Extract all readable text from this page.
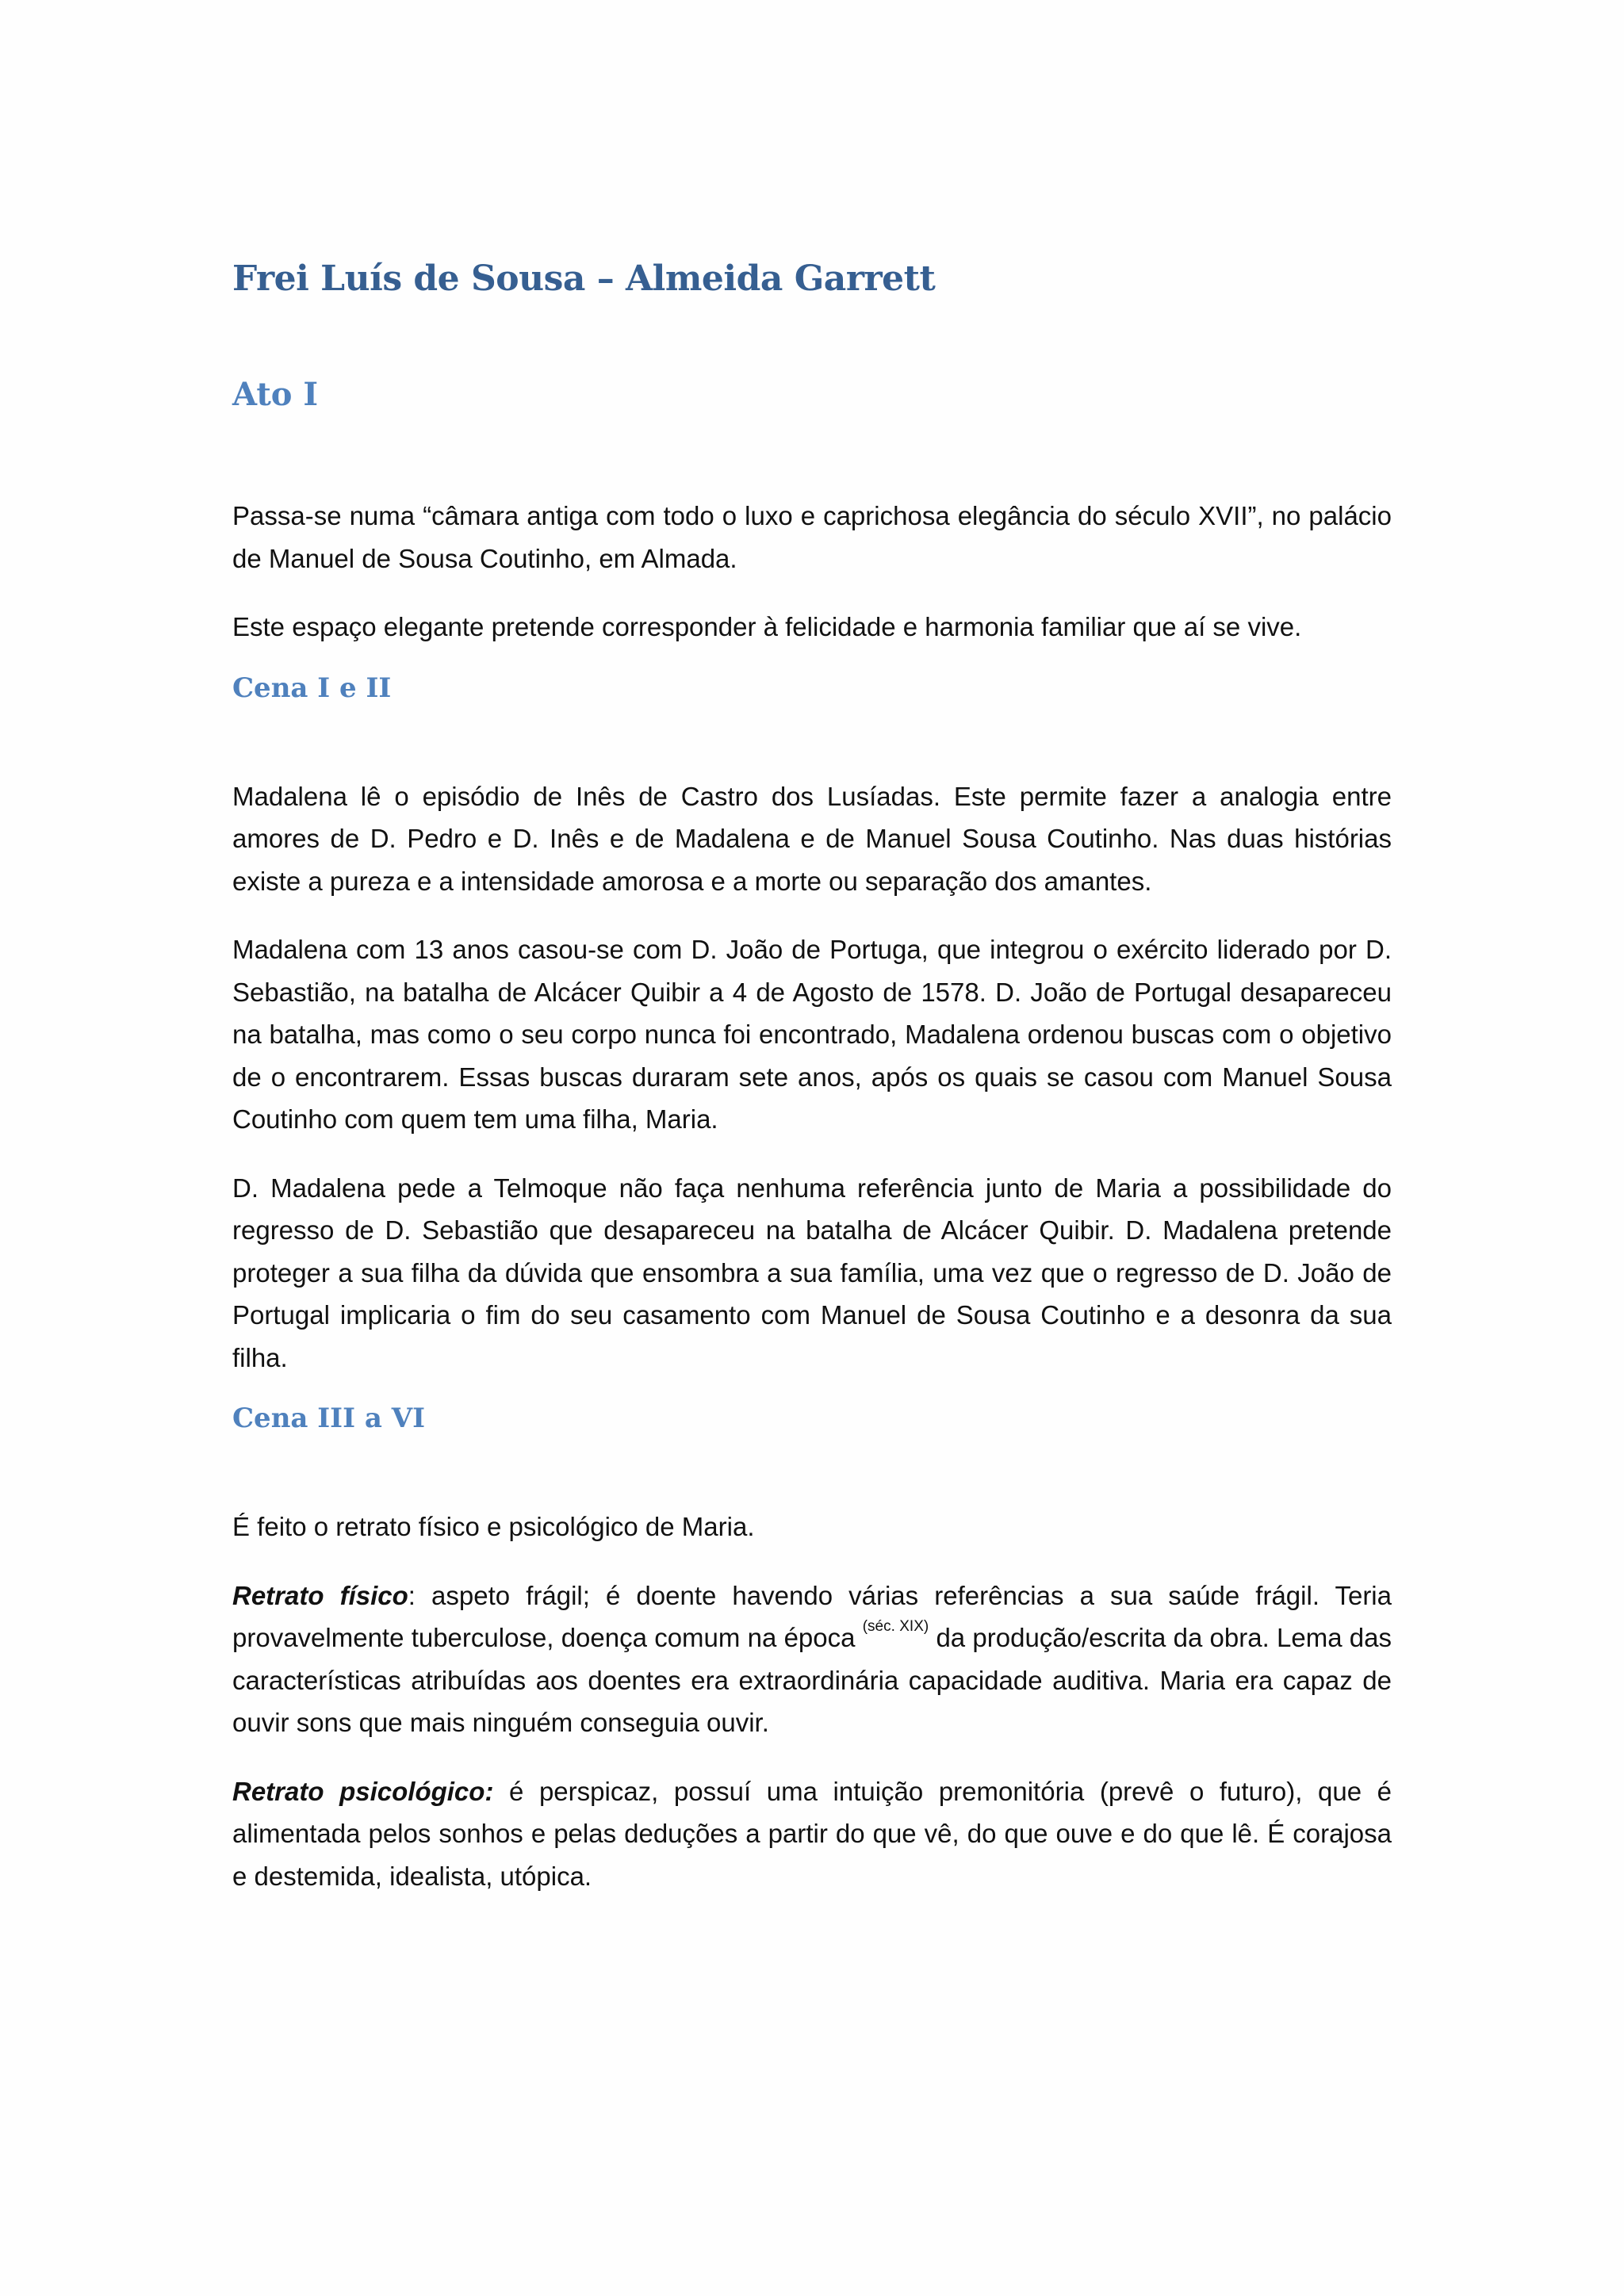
Frei Luís de Sousa – Almeida Garrett
Ato I

Passa-se numa “câmara antiga com todo o luxo e caprichosa elegância do século XVII”, no palácio de Manuel de Sousa Coutinho, em Almada.

Este espaço elegante pretende corresponder à felicidade e harmonia familiar que aí se vive.

Cena I e II

Madalena lê o episódio de Inês de Castro dos Lusíadas. Este permite fazer a analogia entre amores de D. Pedro e D. Inês e de Madalena e de Manuel Sousa Coutinho. Nas duas histórias existe a pureza e a intensidade amorosa e a morte ou separação dos amantes.

Madalena com 13 anos casou-se com D. João de Portuga, que integrou o exército liderado por D. Sebastião, na batalha de Alcácer Quibir a 4 de Agosto de 1578. D. João de Portugal desapareceu na batalha, mas como o seu corpo nunca foi encontrado, Madalena ordenou buscas com o objetivo de o encontrarem. Essas buscas duraram sete anos, após os quais se casou com Manuel Sousa Coutinho com quem tem uma filha, Maria.

D. Madalena pede a Telmoque não faça nenhuma referência junto de Maria a possibilidade do regresso de D. Sebastião que desapareceu na batalha de Alcácer Quibir. D. Madalena pretende proteger a sua filha da dúvida que ensombra a sua família, uma vez que o regresso de D. João de Portugal implicaria o fim do seu casamento com Manuel de Sousa Coutinho e a desonra da sua filha.

Cena III a VI

É feito o retrato físico e psicológico de Maria.

Retrato físico: aspeto frágil; é doente havendo várias referências a sua saúde frágil. Teria provavelmente tuberculose, doença comum na época $^{(séc. XIX)}$ da produção/escrita da obra. Lema das características atribuídas aos doentes era extraordinária capacidade auditiva. Maria era capaz de ouvir sons que mais ninguém conseguia ouvir.

Retrato psicológico: é perspicaz, possuí uma intuição premonitória (prevê o futuro), que é alimentada pelos sonhos e pelas deduções a partir do que vê, do que ouve e do que lê. É corajosa e destemida, idealista, utópica.
